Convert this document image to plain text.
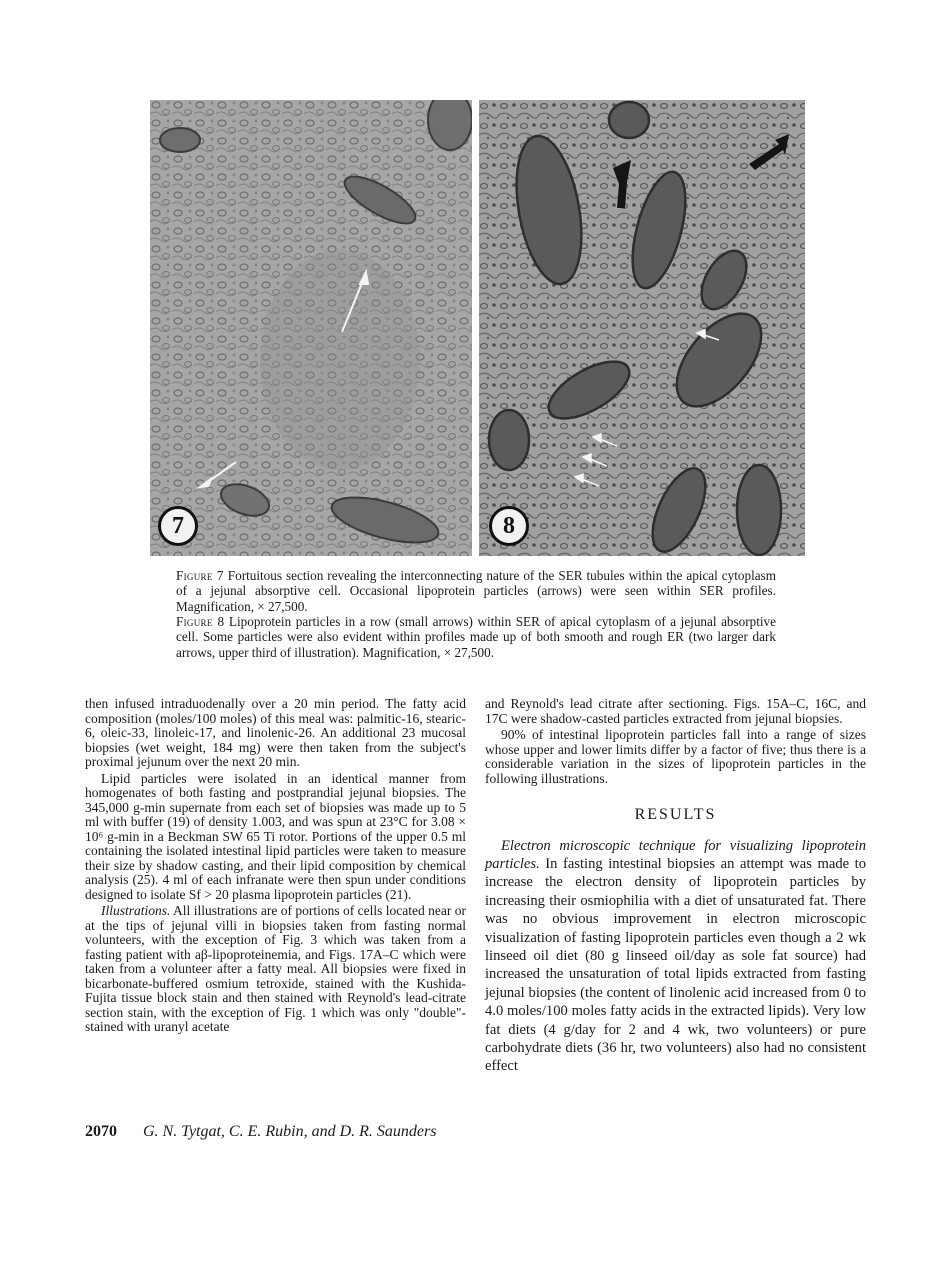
7	8
Figure 7 Fortuitous section revealing the interconnecting nature of the SER tubules within the apical cytoplasm of a jejunal absorptive cell. Occasional lipoprotein particles (arrows) were seen within SER profiles. Magnification, × 27,500.
Figure 8 Lipoprotein particles in a row (small arrows) within SER of apical cytoplasm of a jejunal absorptive cell. Some particles were also evident within profiles made up of both smooth and rough ER (two larger dark arrows, upper third of illustration). Magnification, × 27,500.

then infused intraduodenally over a 20 min period. The fatty acid composition (moles/100 moles) of this meal was: palmitic-16, stearic-6, oleic-33, linoleic-17, and linolenic-26. An additional 23 mucosal biopsies (wet weight, 184 mg) were then taken from the subject's proximal jejunum over the next 20 min.

Lipid particles were isolated in an identical manner from homogenates of both fasting and postprandial jejunal biopsies. The 345,000 g-min supernate from each set of biopsies was made up to 5 ml with buffer (19) of density 1.003, and was spun at 23°C for 3.08 × 10⁶ g-min in a Beckman SW 65 Ti rotor. Portions of the upper 0.5 ml containing the isolated intestinal lipid particles were taken to measure their size by shadow casting, and their lipid composition by chemical analysis (25). 4 ml of each infranate were then spun under conditions designed to isolate Sf > 20 plasma lipoprotein particles (21).

Illustrations. All illustrations are of portions of cells located near or at the tips of jejunal villi in biopsies taken from fasting normal volunteers, with the exception of Fig. 3 which was taken from a fasting patient with aβ-lipoproteinemia, and Figs. 17A–C which were taken from a volunteer after a fatty meal. All biopsies were fixed in bicarbonate-buffered osmium tetroxide, stained with the Kushida-Fujita tissue block stain and then stained with Reynold's lead-citrate section stain, with the exception of Fig. 1 which was only "double"-stained with uranyl acetate

and Reynold's lead citrate after sectioning. Figs. 15A–C, 16C, and 17C were shadow-casted particles extracted from jejunal biopsies.

90% of intestinal lipoprotein particles fall into a range of sizes whose upper and lower limits differ by a factor of five; thus there is a considerable variation in the sizes of lipoprotein particles in the following illustrations.

RESULTS

Electron microscopic technique for visualizing lipoprotein particles. In fasting intestinal biopsies an attempt was made to increase the electron density of lipoprotein particles by increasing their osmiophilia with a diet of unsaturated fat. There was no obvious improvement in electron microscopic visualization of fasting lipoprotein particles even though a 2 wk linseed oil diet (80 g linseed oil/day as sole fat source) had increased the unsaturation of total lipids extracted from fasting jejunal biopsies (the content of linolenic acid increased from 0 to 4.0 moles/100 moles fatty acids in the extracted lipids). Very low fat diets (4 g/day for 2 and 4 wk, two volunteers) or pure carbohydrate diets (36 hr, two volunteers) also had no consistent effect

2070 G. N. Tytgat, C. E. Rubin, and D. R. Saunders
